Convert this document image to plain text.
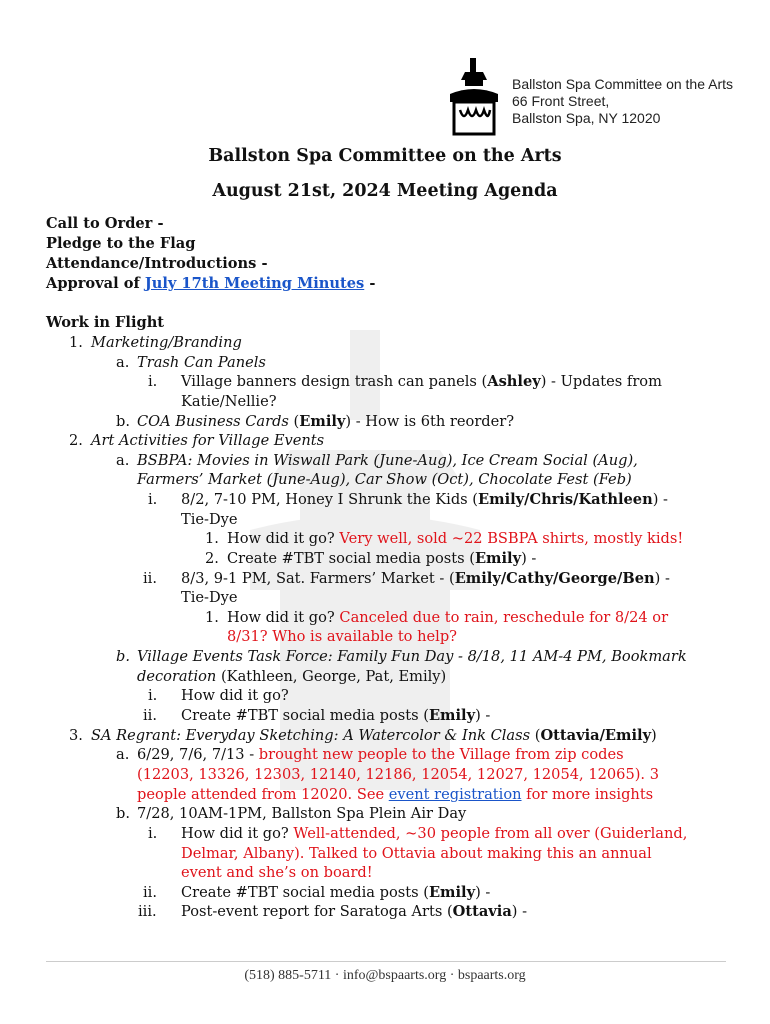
Ballston Spa Committee on the Arts
66 Front Street,
Ballston Spa, NY 12020
Ballston Spa Committee on the Arts
August 21st, 2024 Meeting Agenda
Call to Order -
Pledge to the Flag
Attendance/Introductions -
Approval of July 17th Meeting Minutes -
Work in Flight
1. Marketing/Branding
a. Trash Can Panels
i. Village banners design trash can panels (Ashley) - Updates from
Katie/Nellie?
b. COA Business Cards (Emily) - How is 6th reorder?
2. Art Activities for Village Events
a. BSBPA: Movies in Wiswall Park (June-Aug), Ice Cream Social (Aug),
Farmers’ Market (June-Aug), Car Show (Oct), Chocolate Fest (Feb)
i. 8/2, 7-10 PM, Honey I Shrunk the Kids (Emily/Chris/Kathleen) -
Tie-Dye
1. How did it go? Very well, sold ~22 BSBPA shirts, mostly kids!
2. Create #TBT social media posts (Emily) -
ii. 8/3, 9-1 PM, Sat. Farmers’ Market - (Emily/Cathy/George/Ben) -
Tie-Dye
1. How did it go? Canceled due to rain, reschedule for 8/24 or
8/31? Who is available to help?
b. Village Events Task Force: Family Fun Day - 8/18, 11 AM-4 PM, Bookmark
decoration (Kathleen, George, Pat, Emily)
i. How did it go?
ii. Create #TBT social media posts (Emily) -
3. SA Regrant: Everyday Sketching: A Watercolor & Ink Class (Ottavia/Emily)
a. 6/29, 7/6, 7/13 - brought new people to the Village from zip codes
(12203, 13326, 12303, 12140, 12186, 12054, 12027, 12054, 12065). 3
people attended from 12020. See event registration for more insights
b. 7/28, 10AM-1PM, Ballston Spa Plein Air Day
i. How did it go? Well-attended, ~30 people from all over (Guiderland,
Delmar, Albany). Talked to Ottavia about making this an annual
event and she’s on board!
ii. Create #TBT social media posts (Emily) -
iii. Post-event report for Saratoga Arts (Ottavia) -
(518) 885-5711 · info@bspaarts.org · bspaarts.org
